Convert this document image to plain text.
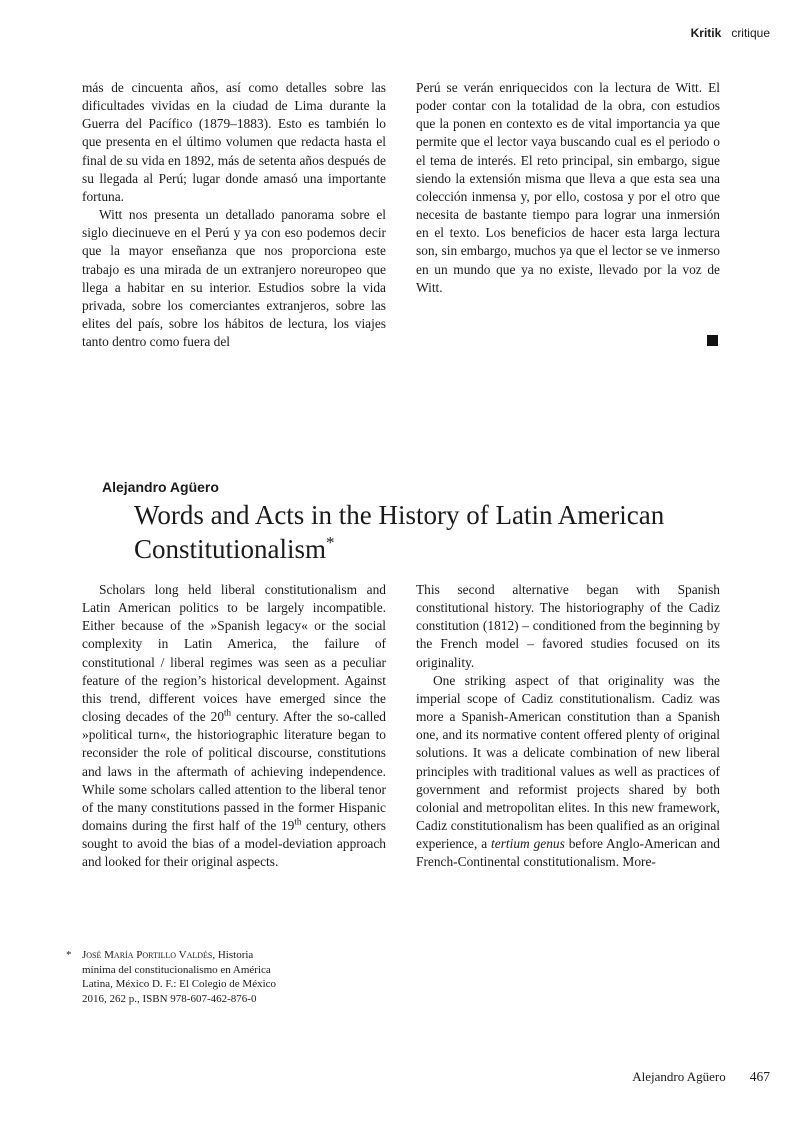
Kritik critique

más de cincuenta años, así como detalles sobre las dificultades vividas en la ciudad de Lima durante la Guerra del Pacífico (1879–1883). Esto es también lo que presenta en el último volumen que redacta hasta el final de su vida en 1892, más de setenta años después de su llegada al Perú; lugar donde amasó una importante fortuna.

Witt nos presenta un detallado panorama sobre el siglo diecinueve en el Perú y ya con eso podemos decir que la mayor enseñanza que nos proporciona este trabajo es una mirada de un extranjero noreuropeo que llega a habitar en su interior. Estudios sobre la vida privada, sobre los comerciantes extranjeros, sobre las elites del país, sobre los hábitos de lectura, los viajes tanto dentro como fuera del

Perú se verán enriquecidos con la lectura de Witt. El poder contar con la totalidad de la obra, con estudios que la ponen en contexto es de vital importancia ya que permite que el lector vaya buscando cual es el periodo o el tema de interés. El reto principal, sin embargo, sigue siendo la extensión misma que lleva a que esta sea una colección inmensa y, por ello, costosa y por el otro que necesita de bastante tiempo para lograr una inmersión en el texto. Los beneficios de hacer esta larga lectura son, sin embargo, muchos ya que el lector se ve inmerso en un mundo que ya no existe, llevado por la voz de Witt.

Alejandro Agüero
Words and Acts in the History of Latin American Constitutionalism*

Scholars long held liberal constitutionalism and Latin American politics to be largely incompatible. Either because of the »Spanish legacy« or the social complexity in Latin America, the failure of constitutional / liberal regimes was seen as a peculiar feature of the region’s historical development. Against this trend, different voices have emerged since the closing decades of the 20th century. After the so-called »political turn«, the historiographic literature began to reconsider the role of political discourse, constitutions and laws in the aftermath of achieving independence. While some scholars called attention to the liberal tenor of the many constitutions passed in the former Hispanic domains during the first half of the 19th century, others sought to avoid the bias of a model-deviation approach and looked for their original aspects.

This second alternative began with Spanish constitutional history. The historiography of the Cadiz constitution (1812) – conditioned from the beginning by the French model – favored studies focused on its originality.

One striking aspect of that originality was the imperial scope of Cadiz constitutionalism. Cadiz was more a Spanish-American constitution than a Spanish one, and its normative content offered plenty of original solutions. It was a delicate combination of new liberal principles with traditional values as well as practices of government and reformist projects shared by both colonial and metropolitan elites. In this new framework, Cadiz constitutionalism has been qualified as an original experience, a tertium genus before Anglo-American and French-Continental constitutionalism. More-

* José María Portillo Valdés, Historia mínima del constitucionalismo en América Latina, México D. F.: El Colegio de México 2016, 262 p., ISBN 978-607-462-876-0
Alejandro Agüero 467
